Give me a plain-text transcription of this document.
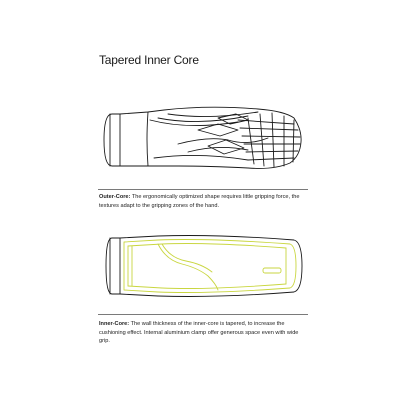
Tapered Inner Core

Outer-Core: The ergonomically optimized shape requires little gripping force, the textures adapt to the gripping zones of the hand.

Inner-Core: The wall thickness of the inner-core is tapered, to increase the cushioning effect. Internal aluminium clamp offer generous space even with wide grip.
